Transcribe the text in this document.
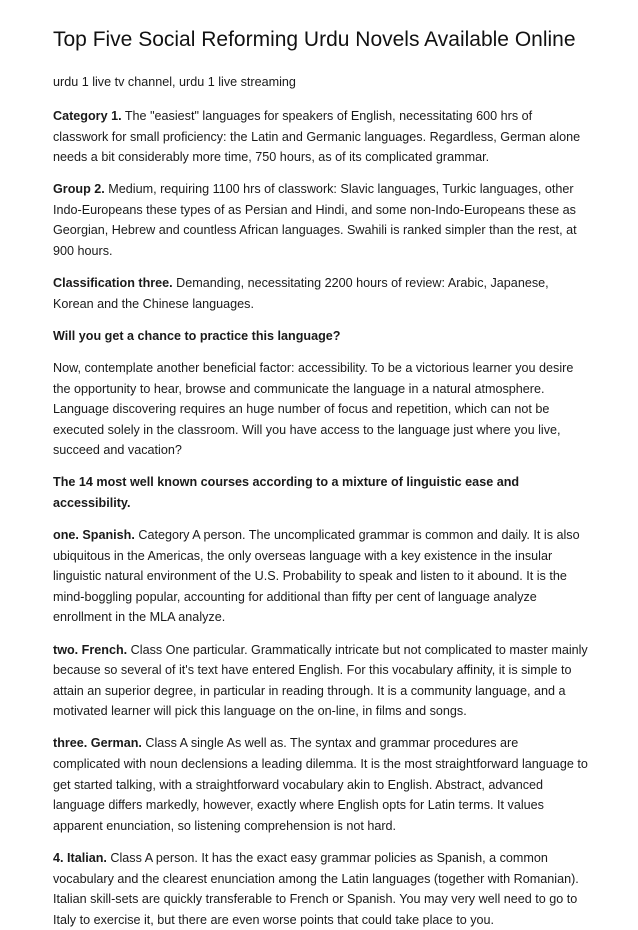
Top Five Social Reforming Urdu Novels Available Online
urdu 1 live tv channel, urdu 1 live streaming

Category 1. The "easiest" languages for speakers of English, necessitating 600 hrs of classwork for small proficiency: the Latin and Germanic languages. Regardless, German alone needs a bit considerably more time, 750 hours, as of its complicated grammar.

Group 2. Medium, requiring 1100 hrs of classwork: Slavic languages, Turkic languages, other Indo-Europeans these types of as Persian and Hindi, and some non-Indo-Europeans these as Georgian, Hebrew and countless African languages. Swahili is ranked simpler than the rest, at 900 hours.

Classification three. Demanding, necessitating 2200 hours of review: Arabic, Japanese, Korean and the Chinese languages.

Will you get a chance to practice this language?

Now, contemplate another beneficial factor: accessibility. To be a victorious learner you desire the opportunity to hear, browse and communicate the language in a natural atmosphere. Language discovering requires an huge number of focus and repetition, which can not be executed solely in the classroom. Will you have access to the language just where you live, succeed and vacation?

The 14 most well known courses according to a mixture of linguistic ease and accessibility.

one. Spanish. Category A person. The uncomplicated grammar is common and daily. It is also ubiquitous in the Americas, the only overseas language with a key existence in the insular linguistic natural environment of the U.S. Probability to speak and listen to it abound. It is the mind-boggling popular, accounting for additional than fifty per cent of language analyze enrollment in the MLA analyze.

two. French. Class One particular. Grammatically intricate but not complicated to master mainly because so several of it's text have entered English. For this vocabulary affinity, it is simple to attain an superior degree, in particular in reading through. It is a community language, and a motivated learner will pick this language on the on-line, in films and songs.

three. German. Class A single As well as. The syntax and grammar procedures are complicated with noun declensions a leading dilemma. It is the most straightforward language to get started talking, with a straightforward vocabulary akin to English. Abstract, advanced language differs markedly, however, exactly where English opts for Latin terms. It values apparent enunciation, so listening comprehension is not hard.

4. Italian. Class A person. It has the exact easy grammar policies as Spanish, a common vocabulary and the clearest enunciation among the Latin languages (together with Romanian). Italian skill-sets are quickly transferable to French or Spanish. You may very well need to go to Italy to exercise it, but there are even worse points that could take place to you.
